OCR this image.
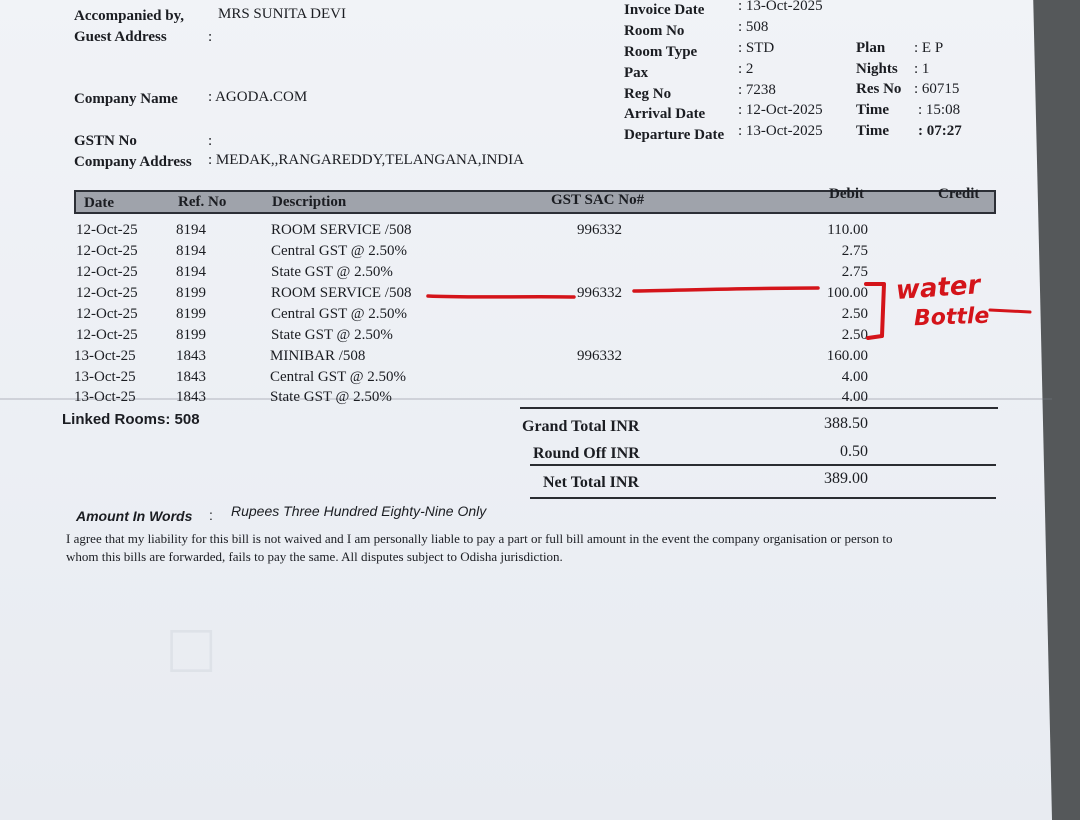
Accompanied by, MRS SUNITA DEVI
Guest Address	:
Company Name : AGODA.COM
GSTN No	:
Company Address : MEDAK,,RANGAREDDY,TELANGANA,INDIA
Invoice Date : 13-Oct-2025
Room No	: 508
Room Type	: STD
Pax	: 2
Reg No	: 7238
Arrival Date : 12-Oct-2025
Departure Date : 13-Oct-2025
Plan : E P
Nights : 1
Res No : 60715
Time : 15:08
Time : 07:27
Date	Ref. No	Description	GST SAC No#	Debit	Credit
12-Oct-25	8194	ROOM SERVICE /508	996332	110.00
12-Oct-25	8194	Central GST @ 2.50%	2.75
12-Oct-25	8194	State GST @ 2.50%	2.75
12-Oct-25	8199	ROOM SERVICE /508	996332	100.00
12-Oct-25	8199	Central GST @ 2.50%	2.50
12-Oct-25	8199	State GST @ 2.50%	2.50
13-Oct-25	1843	MINIBAR /508	996332	160.00
13-Oct-25	1843	Central GST @ 2.50%	4.00
13-Oct-25	1843	State GST @ 2.50%	4.00
Linked Rooms: 508	Grand Total INR	388.50
Round Off INR	0.50
Net Total INR	389.00
Amount In Words : Rupees Three Hundred Eighty-Nine Only
I agree that my liability for this bill is not waived and I am personally liable to pay a part or full bill amount in the event the company organisation or person to
whom this bills are forwarded, fails to pay the same. All disputes subject to Odisha jurisdiction.
□
water
Bottle
